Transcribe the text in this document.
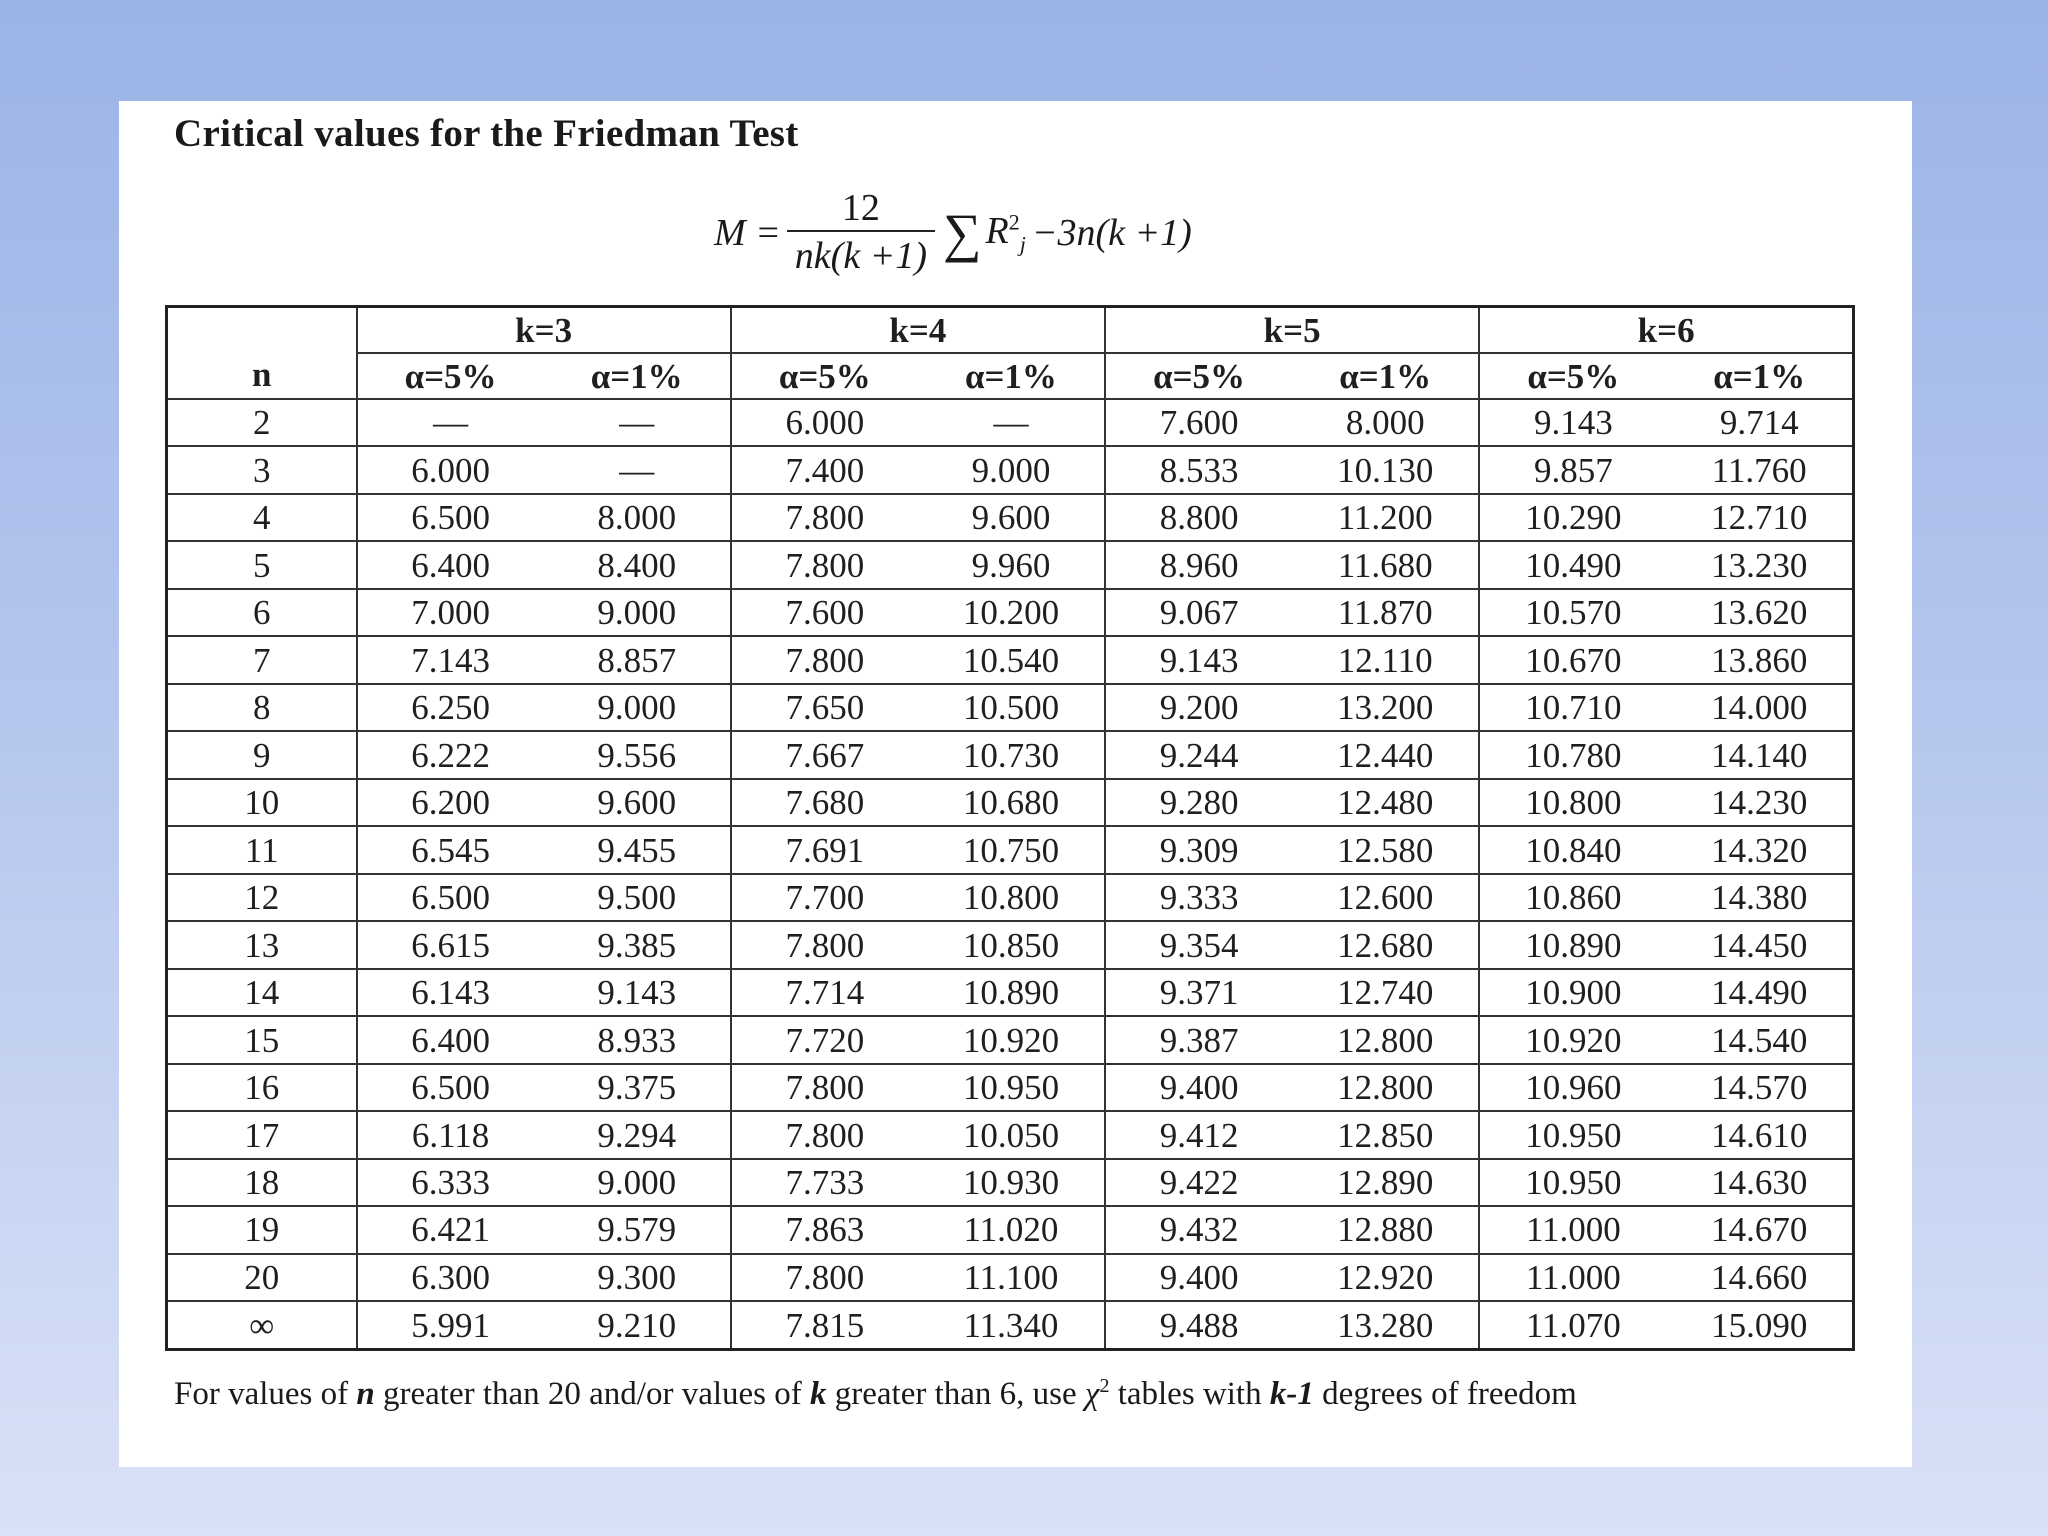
Critical values for the Friedman Test
$M = \frac{12}{nk(k +1)}$ ∑ $R^2_j -3n(k +1)$
n	k=3		k=4		k=5		k=6	
	α=5%	α=1%	α=5%	α=1%	α=5%	α=1%	α=5%	α=1%
2	—	—	6.000	—	7.600	8.000	9.143	9.714
3	6.000	—	7.400	9.000	8.533	10.130	9.857	11.760
4	6.500	8.000	7.800	9.600	8.800	11.200	10.290	12.710
5	6.400	8.400	7.800	9.960	8.960	11.680	10.490	13.230
6	7.000	9.000	7.600	10.200	9.067	11.870	10.570	13.620
7	7.143	8.857	7.800	10.540	9.143	12.110	10.670	13.860
8	6.250	9.000	7.650	10.500	9.200	13.200	10.710	14.000
9	6.222	9.556	7.667	10.730	9.244	12.440	10.780	14.140
10	6.200	9.600	7.680	10.680	9.280	12.480	10.800	14.230
11	6.545	9.455	7.691	10.750	9.309	12.580	10.840	14.320
12	6.500	9.500	7.700	10.800	9.333	12.600	10.860	14.380
13	6.615	9.385	7.800	10.850	9.354	12.680	10.890	14.450
14	6.143	9.143	7.714	10.890	9.371	12.740	10.900	14.490
15	6.400	8.933	7.720	10.920	9.387	12.800	10.920	14.540
16	6.500	9.375	7.800	10.950	9.400	12.800	10.960	14.570
17	6.118	9.294	7.800	10.050	9.412	12.850	10.950	14.610
18	6.333	9.000	7.733	10.930	9.422	12.890	10.950	14.630
19	6.421	9.579	7.863	11.020	9.432	12.880	11.000	14.670
20	6.300	9.300	7.800	11.100	9.400	12.920	11.000	14.660
∞	5.991	9.210	7.815	11.340	9.488	13.280	11.070	15.090
For values of n greater than 20 and/or values of k greater than 6, use $\chi^2$ tables with k-1 degrees of freedom
